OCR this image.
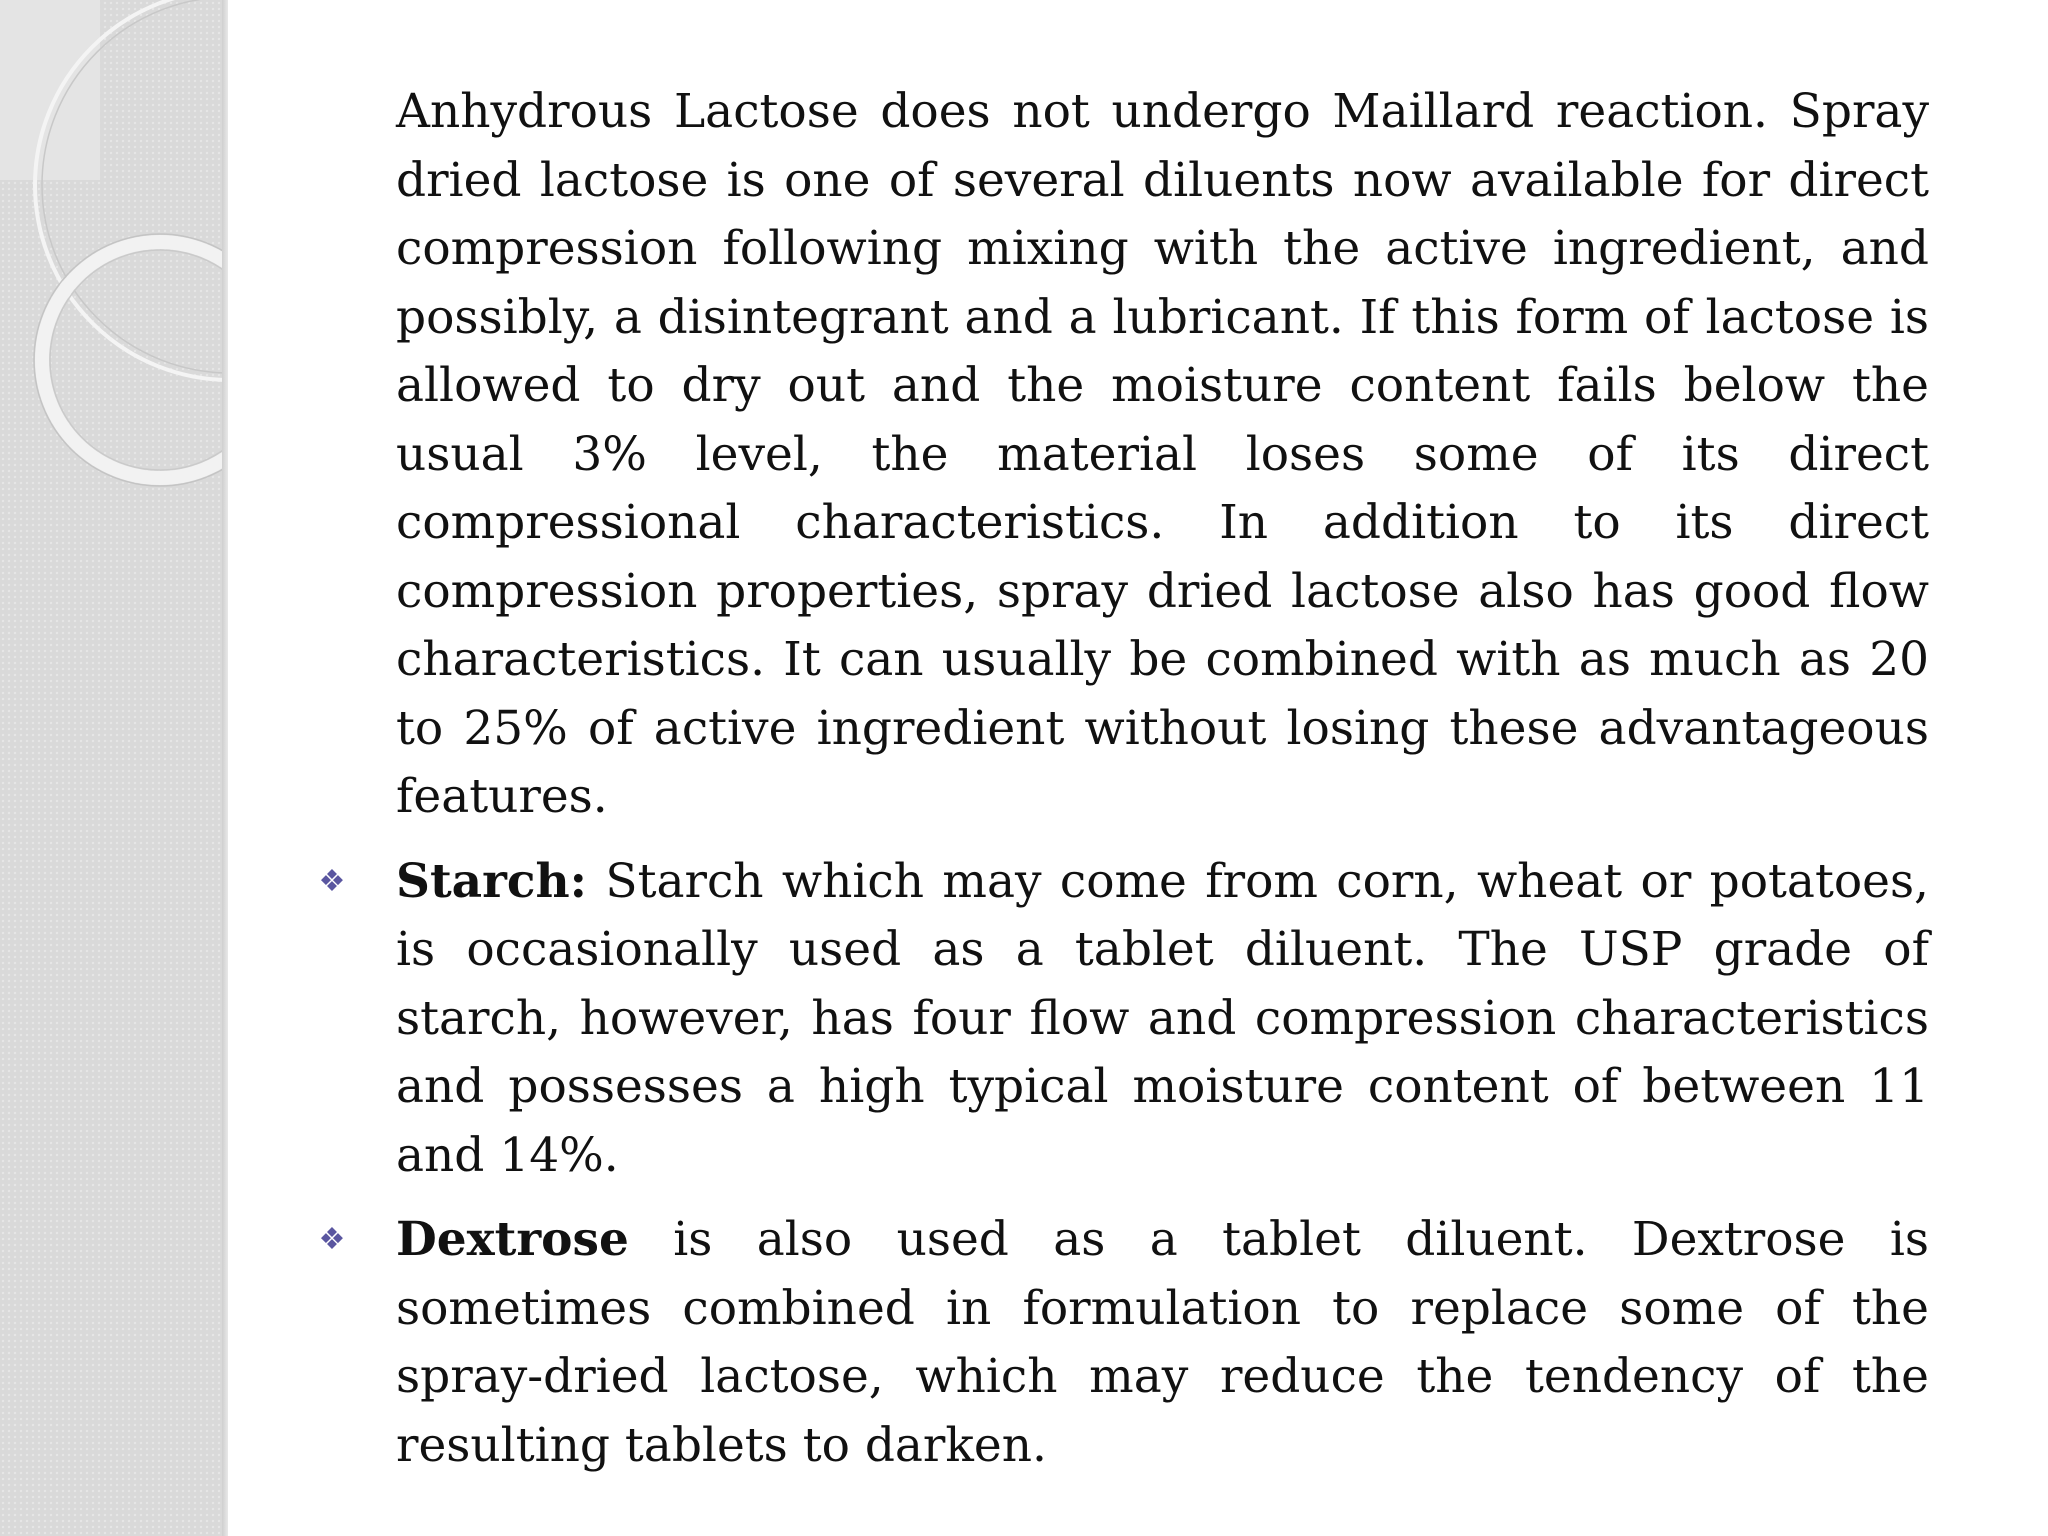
Anhydrous Lactose does not undergo Maillard reaction. Spray dried lactose is one of several diluents now available for direct compression following mixing with the active ingredient, and possibly, a disintegrant and a lubricant. If this form of lactose is allowed to dry out and the moisture content fails below the usual 3% level, the material loses some of its direct compressional characteristics. In addition to its direct compression properties, spray dried lactose also has good flow characteristics. It can usually be combined with as much as 20 to 25% of active ingredient without losing these advantageous features.

❖ Starch: Starch which may come from corn, wheat or potatoes, is occasionally used as a tablet diluent. The USP grade of starch, however, has four flow and compression characteristics and possesses a high typical moisture content of between 11 and 14%.
❖ Dextrose is also used as a tablet diluent. Dextrose is sometimes combined in formulation to replace some of the spray-dried lactose, which may reduce the tendency of the resulting tablets to darken.
